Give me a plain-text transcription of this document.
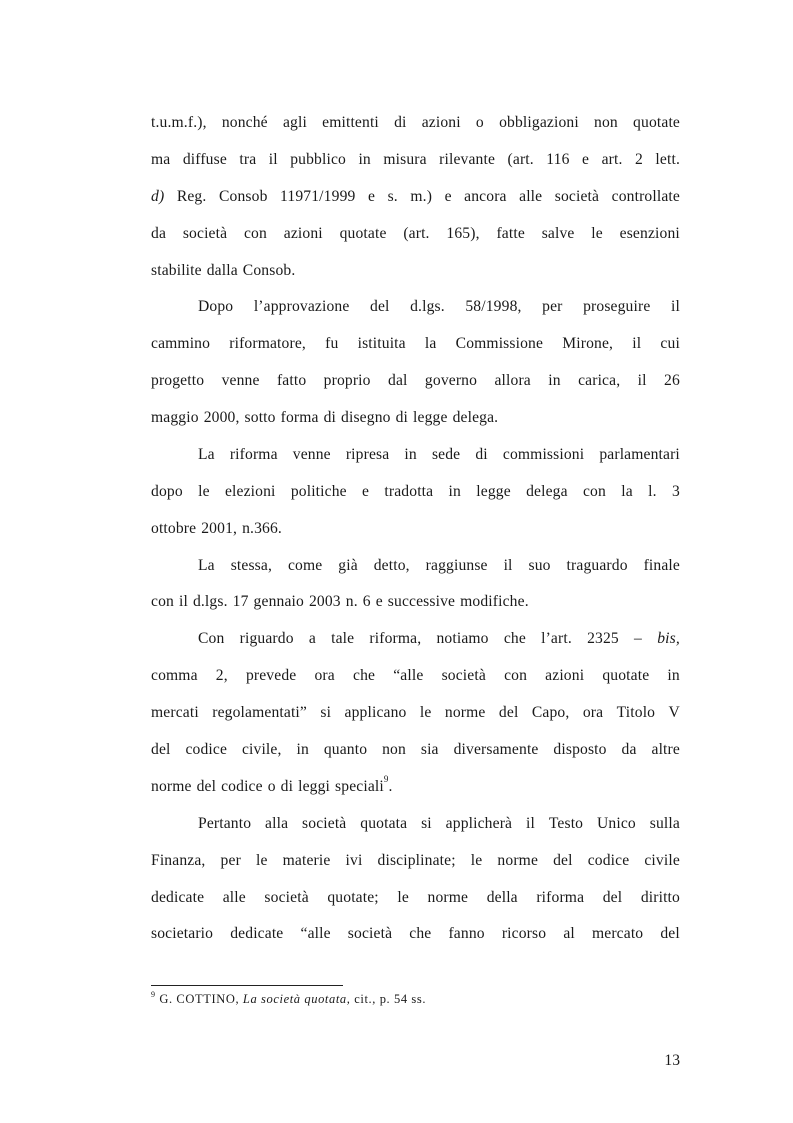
t.u.m.f.), nonché agli emittenti di azioni o obbligazioni non quotate
ma diffuse tra il pubblico in misura rilevante (art. 116 e art. 2 lett.
d) Reg. Consob 11971/1999 e s. m.) e ancora alle società controllate
da società con azioni quotate (art. 165), fatte salve le esenzioni
stabilite dalla Consob.
Dopo l’approvazione del d.lgs. 58/1998, per proseguire il
cammino riformatore, fu istituita la Commissione Mirone, il cui
progetto venne fatto proprio dal governo allora in carica, il 26
maggio 2000, sotto forma di disegno di legge delega.
La riforma venne ripresa in sede di commissioni parlamentari
dopo le elezioni politiche e tradotta in legge delega con la l. 3
ottobre 2001, n.366.
La stessa, come già detto, raggiunse il suo traguardo finale
con il d.lgs. 17 gennaio 2003 n. 6 e successive modifiche.
Con riguardo a tale riforma, notiamo che l’art. 2325 – bis,
comma 2, prevede ora che “alle società con azioni quotate in
mercati regolamentati” si applicano le norme del Capo, ora Titolo V
del codice civile, in quanto non sia diversamente disposto da altre
norme del codice o di leggi speciali$^9$.
Pertanto alla società quotata si applicherà il Testo Unico sulla
Finanza, per le materie ivi disciplinate; le norme del codice civile
dedicate alle società quotate; le norme della riforma del diritto
societario dedicate “alle società che fanno ricorso al mercato del
$^9$ G. COTTINO, La società quotata, cit., p. 54 ss.
13
